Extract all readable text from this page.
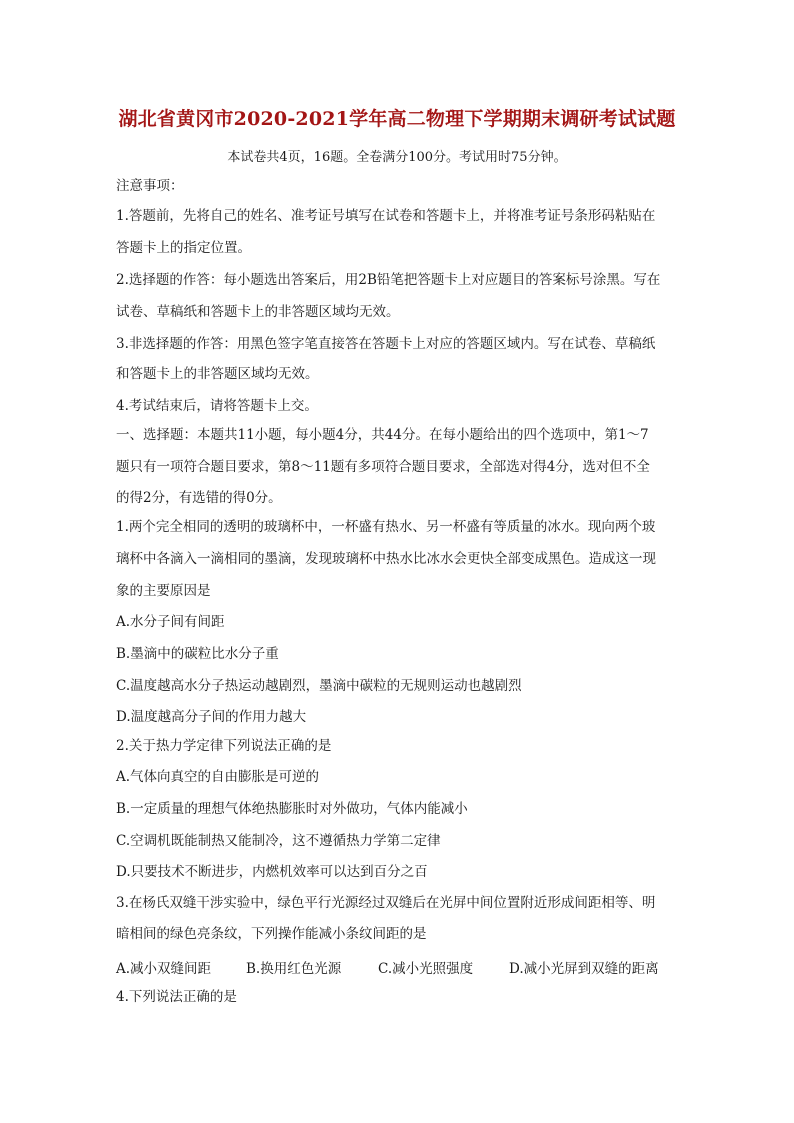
湖北省黄冈市2020-2021学年高二物理下学期期末调研考试试题
本试卷共4页，16题。全卷满分100分。考试用时75分钟。
注意事项：
1.答题前，先将自己的姓名、准考证号填写在试卷和答题卡上，并将准考证号条形码粘贴在
答题卡上的指定位置。
2.选择题的作答：每小题选出答案后，用2B铅笔把答题卡上对应题目的答案标号涂黑。写在
试卷、草稿纸和答题卡上的非答题区域均无效。
3.非选择题的作答：用黑色签字笔直接答在答题卡上对应的答题区域内。写在试卷、草稿纸
和答题卡上的非答题区域均无效。
4.考试结束后，请将答题卡上交。
一、选择题：本题共11小题，每小题4分，共44分。在每小题给出的四个选项中，第1～7
题只有一项符合题目要求，第8～11题有多项符合题目要求，全部选对得4分，选对但不全
的得2分，有选错的得0分。
1.两个完全相同的透明的玻璃杯中，一杯盛有热水、另一杯盛有等质量的冰水。现向两个玻
璃杯中各滴入一滴相同的墨滴，发现玻璃杯中热水比冰水会更快全部变成黑色。造成这一现
象的主要原因是
A.水分子间有间距
B.墨滴中的碳粒比水分子重
C.温度越高水分子热运动越剧烈，墨滴中碳粒的无规则运动也越剧烈
D.温度越高分子间的作用力越大
2.关于热力学定律下列说法正确的是
A.气体向真空的自由膨胀是可逆的
B.一定质量的理想气体绝热膨胀时对外做功，气体内能减小
C.空调机既能制热又能制冷，这不遵循热力学第二定律
D.只要技术不断进步，内燃机效率可以达到百分之百
3.在杨氏双缝干涉实验中，绿色平行光源经过双缝后在光屏中间位置附近形成间距相等、明
暗相间的绿色亮条纹，下列操作能减小条纹间距的是
A.减小双缝间距	B.换用红色光源	C.减小光照强度	D.减小光屏到双缝的距离
4.下列说法正确的是
